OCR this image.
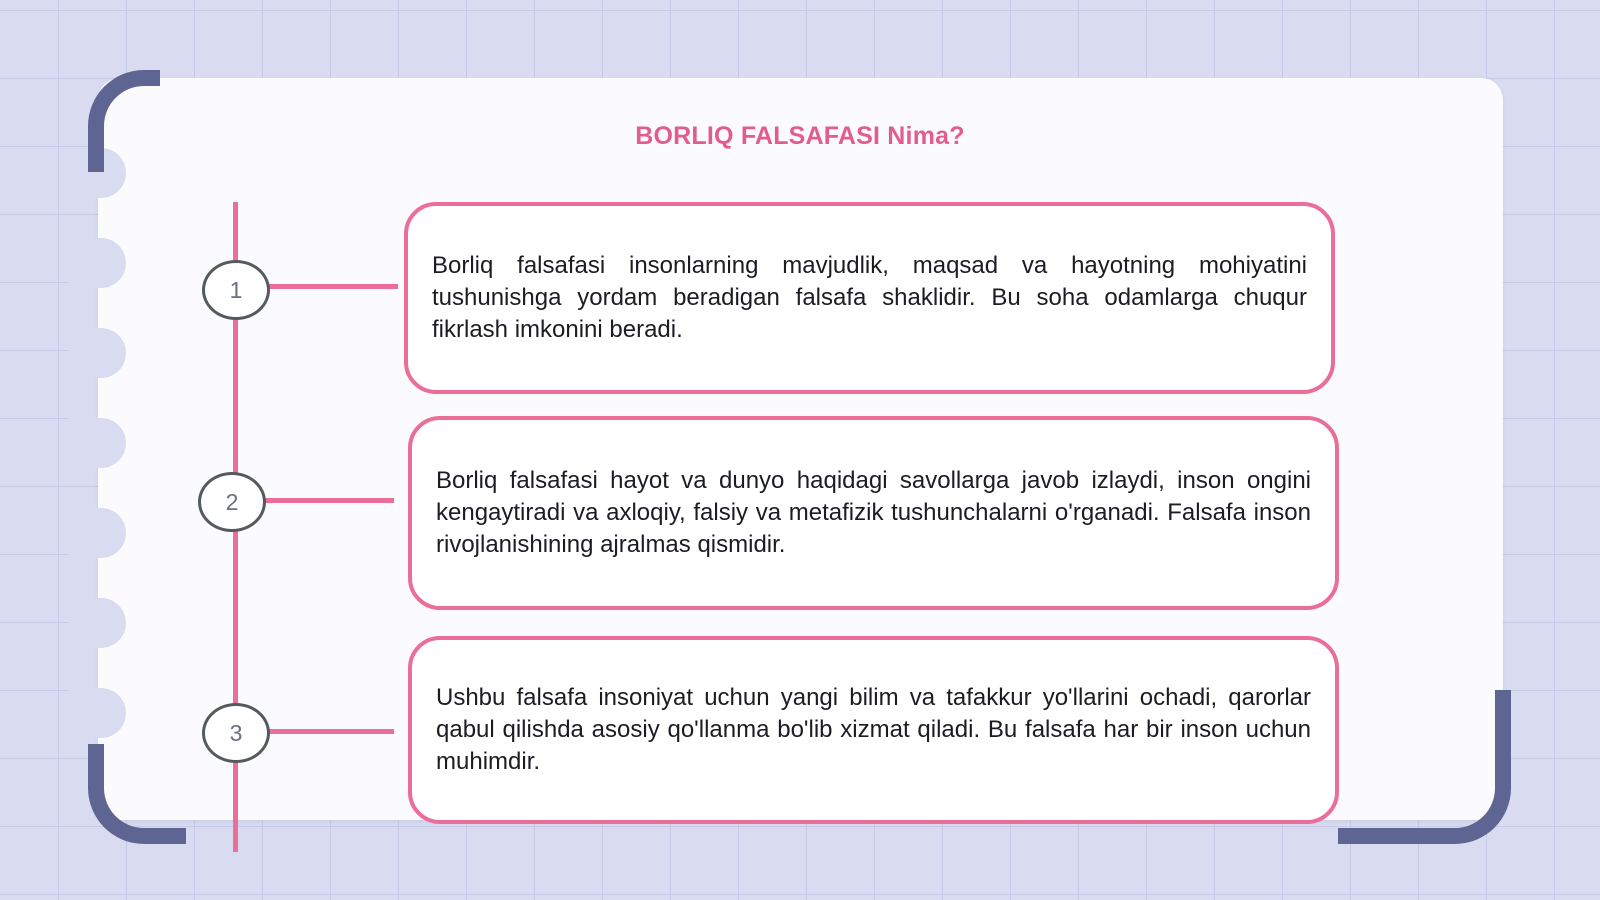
BORLIQ FALSAFASI Nima?
1

Borliq falsafasi insonlarning mavjudlik, maqsad va hayotning mohiyatini tushunishga yordam beradigan falsafa shaklidir. Bu soha odamlarga chuqur fikrlash imkonini beradi.

2

Borliq falsafasi hayot va dunyo haqidagi savollarga javob izlaydi, inson ongini kengaytiradi va axloqiy, falsiy va metafizik tushunchalarni o'rganadi. Falsafa inson rivojlanishining ajralmas qismidir.

3

Ushbu falsafa insoniyat uchun yangi bilim va tafakkur yo'llarini ochadi, qarorlar qabul qilishda asosiy qo'llanma bo'lib xizmat qiladi. Bu falsafa har bir inson uchun muhimdir.
